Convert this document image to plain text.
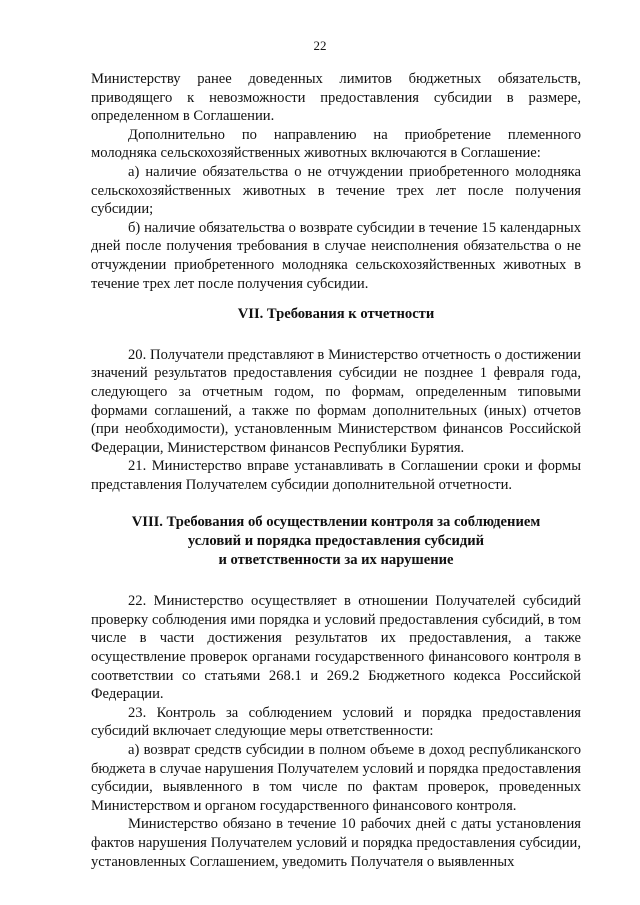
22

Министерству ранее доведенных лимитов бюджетных обязательств, приводящего к невозможности предоставления субсидии в размере, определенном в Соглашении.

Дополнительно по направлению на приобретение племенного молодняка сельскохозяйственных животных включаются в Соглашение:

а) наличие обязательства о не отчуждении приобретенного молодняка сельскохозяйственных животных в течение трех лет после получения субсидии;

б) наличие обязательства о возврате субсидии в течение 15 календарных дней после получения требования в случае неисполнения обязательства о не отчуждении приобретенного молодняка сельскохозяйственных животных в течение трех лет после получения субсидии.

VII. Требования к отчетности

20. Получатели представляют в Министерство отчетность о достижении значений результатов предоставления субсидии не позднее 1 февраля года, следующего за отчетным годом, по формам, определенным типовыми формами соглашений, а также по формам дополнительных (иных) отчетов (при необходимости), установленным Министерством финансов Российской Федерации, Министерством финансов Республики Бурятия.

21. Министерство вправе устанавливать в Соглашении сроки и формы представления Получателем субсидии дополнительной отчетности.

VIII. Требования об осуществлении контроля за соблюдением
условий и порядка предоставления субсидий
и ответственности за их нарушение

22. Министерство осуществляет в отношении Получателей субсидий проверку соблюдения ими порядка и условий предоставления субсидий, в том числе в части достижения результатов их предоставления, а также осуществление проверок органами государственного финансового контроля в соответствии со статьями 268.1 и 269.2 Бюджетного кодекса Российской Федерации.

23. Контроль за соблюдением условий и порядка предоставления субсидий включает следующие меры ответственности:

а) возврат средств субсидии в полном объеме в доход республиканского бюджета в случае нарушения Получателем условий и порядка предоставления субсидии, выявленного в том числе по фактам проверок, проведенных Министерством и органом государственного финансового контроля.

Министерство обязано в течение 10 рабочих дней с даты установления фактов нарушения Получателем условий и порядка предоставления субсидии, установленных Соглашением, уведомить Получателя о выявленных
